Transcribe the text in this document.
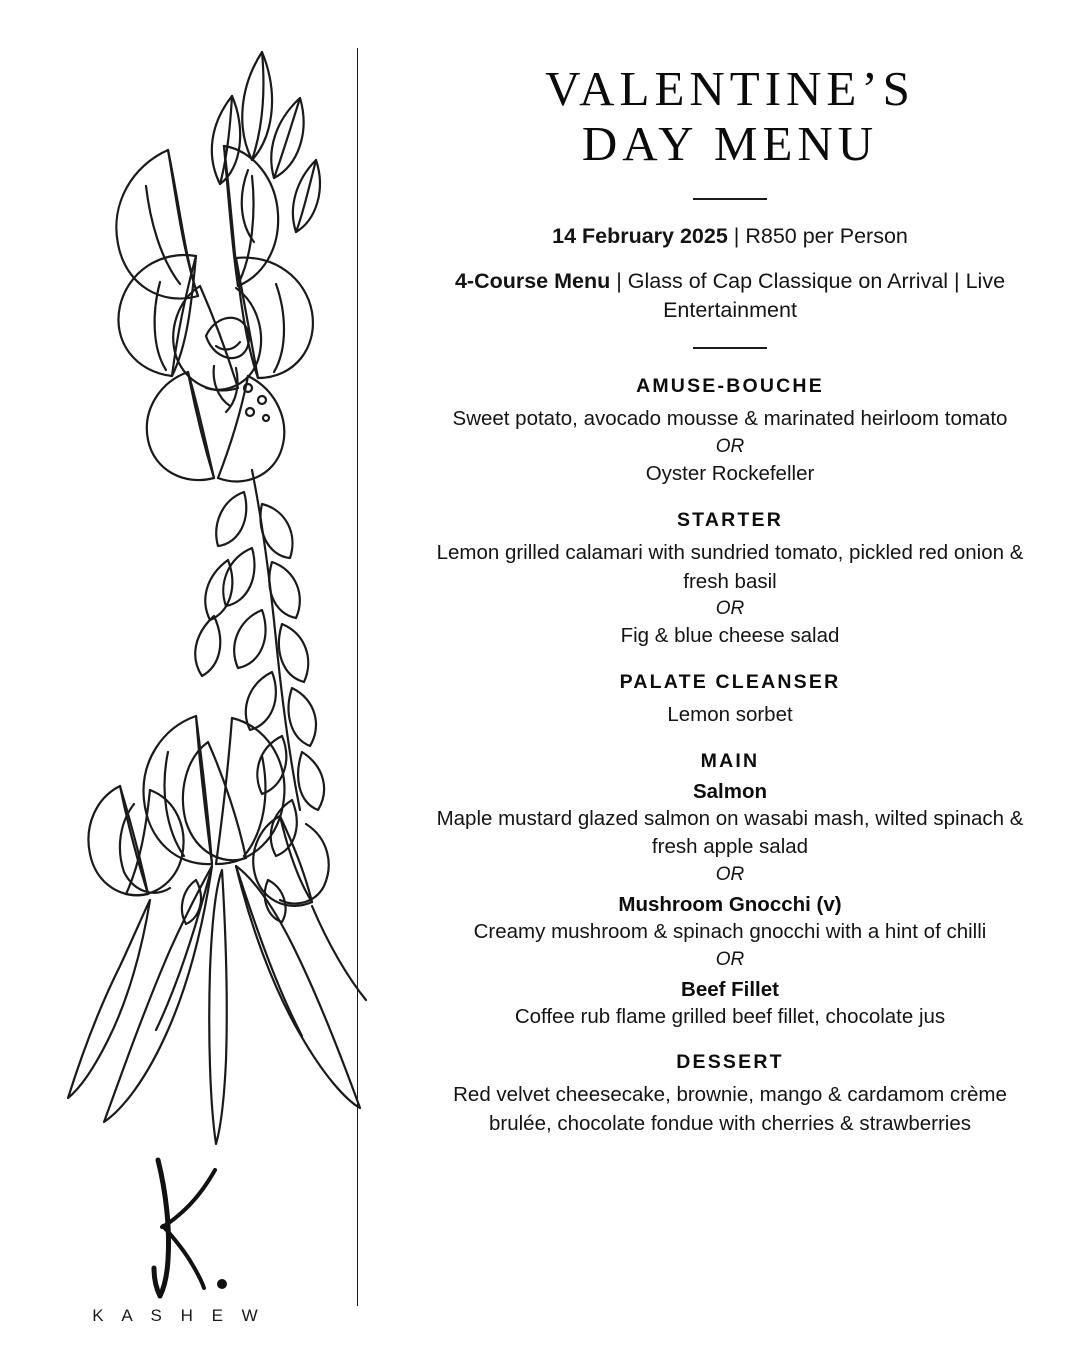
K A S H E W
VALENTINE’S
DAY MENU

14 February 2025 | R850 per Person

4-Course Menu | Glass of Cap Classique on Arrival | Live Entertainment

AMUSE-BOUCHE

Sweet potato, avocado mousse & marinated heirloom tomato

OR

Oyster Rockefeller

STARTER

Lemon grilled calamari with sundried tomato, pickled red onion & fresh basil

OR

Fig & blue cheese salad

PALATE CLEANSER

Lemon sorbet

MAIN

Salmon

Maple mustard glazed salmon on wasabi mash, wilted spinach & fresh apple salad

OR

Mushroom Gnocchi (v)

Creamy mushroom & spinach gnocchi with a hint of chilli

OR

Beef Fillet

Coffee rub flame grilled beef fillet, chocolate jus

DESSERT

Red velvet cheesecake, brownie, mango & cardamom crème brulée, chocolate fondue with cherries & strawberries
